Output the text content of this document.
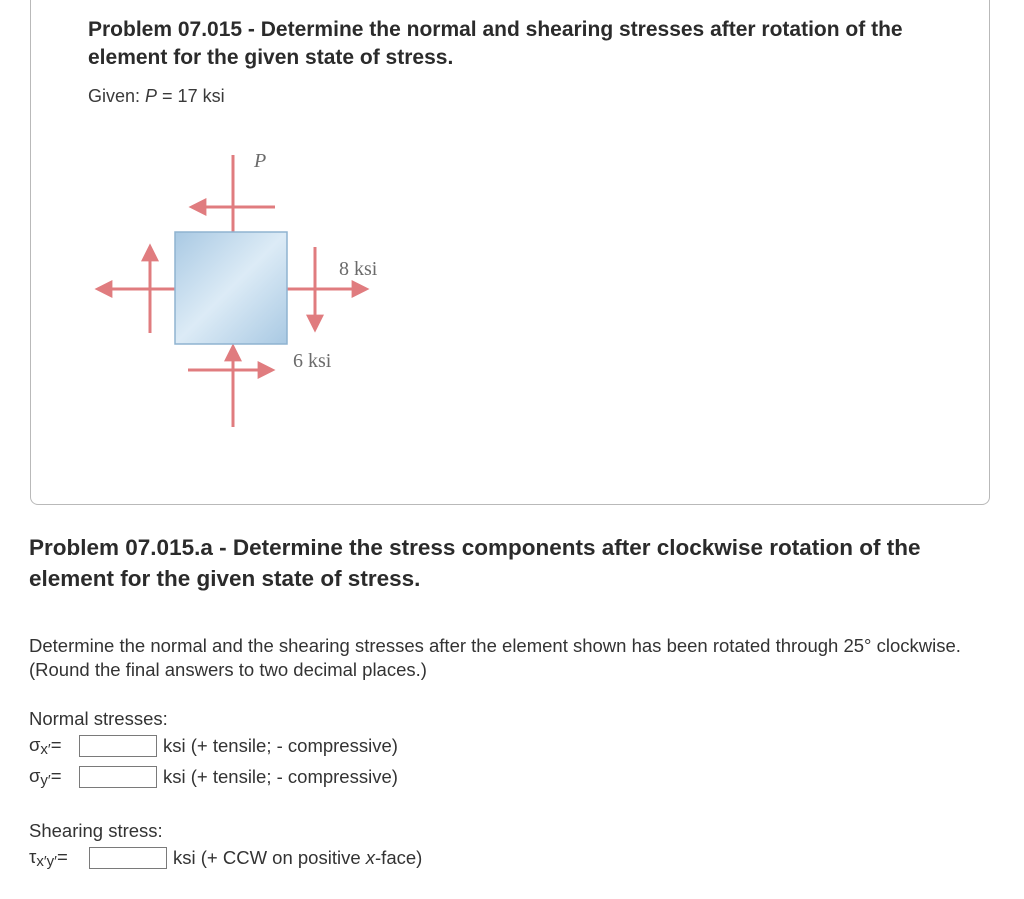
Problem 07.015 - Determine the normal and shearing stresses after rotation of the element for the given state of stress.
Given: P = 17 ksi
P
8 ksi
6 ksi
Problem 07.015.a - Determine the stress components after clockwise rotation of the element for the given state of stress.
Determine the normal and the shearing stresses after the element shown has been rotated through 25° clockwise. (Round the final answers to two decimal places.)
Normal stresses:
$\sigma_{x'}=$	ksi (+ tensile; - compressive)
$\sigma_{y'}=$	ksi (+ tensile; - compressive)
Shearing stress:
$\tau_{x'y'}=$	ksi (+ CCW on positive x-face)
